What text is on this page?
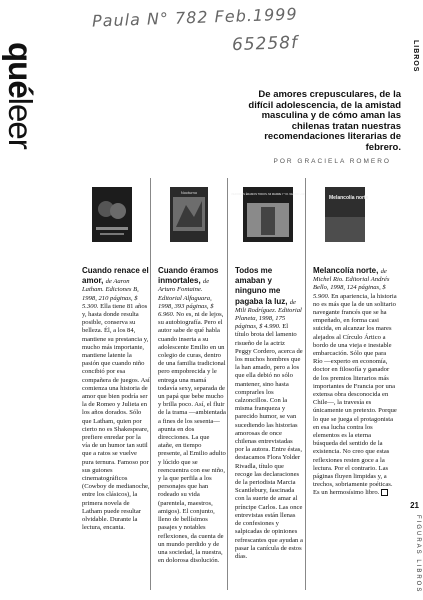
Paula N° 782 Feb.1999
65258f
quéleer
LIBROS
De amores crepusculares, de la difícil adolescencia, de la amistad masculina y de cómo aman las chilenas tratan nuestras recomendaciones literarias de febrero.
POR GRACIELA ROMERO
Nocturno	PERDIDOS ÉRAMOS TODOS. MI MADRE Y YO. NEGRO LUZ
Melancolía norte
Cuando renace el amor, de Aaron Latham. Ediciones B, 1998, 210 páginas, $ 5.300. Ella tiene 81 años y, hasta donde resulta posible, conserva su belleza. Él, a los 84, mantiene su prestancia y, mucho más importante, mantiene latente la pasión que cuando niño concibió por esa compañera de juegos. Así comienza una historia de amor que bien podría ser la de Romeo y Julieta en los años dorados. Sólo que Latham, quien por cierto no es Shakespeare, prefiere enredar por la vía de un humor tan sutil que a ratos se vuelve pura ternura. Famoso por sus guiones cinematográficos (Cowboy de medianoche, entre los clásicos), la primera novela de Latham puede resultar olvidable. Durante la lectura, encanta.
Cuando éramos inmortales, de Arturo Fontaine. Editorial Alfaguara, 1998, 393 páginas, $ 6.960. No es, ni de lejos, su autobiografía. Pero el autor sabe de qué habla cuando inserta a su adolescente Emilio en un colegio de curas, dentro de una familia tradicional pero empobrecida y le entrega una mamá todavía sexy, separada de un papá que bebe mucho y brilla poco. Así, el fluir de la trama —ambientada a fines de los sesenta— apunta en dos direcciones. La que atañe, en tiempo presente, al Emilio adulto y lúcido que se reencuentra con ese niño, y la que perfila a los personajes que han rodeado su vida (parentela, maestros, amigos). El conjunto, lleno de bellísimos pasajes y notables reflexiones, da cuenta de un mundo perdido y de una sociedad, la nuestra, en dolorosa disolución.
Todos me amaban y ninguno me pagaba la luz, de Mili Rodríguez. Editorial Planeta, 1998, 175 páginas, $ 4.990. El título brota del lamento risueño de la actriz Peggy Cordero, acerca de los muchos hombres que la han amado, pero a los que ella debió no sólo mantener, sino hasta comprarles los calzoncillos. Con la misma franqueza y parecido humor, se van sucediendo las historias amorosas de once chilenas entrevistadas por la autora. Entre éstas, destacamos Flora Yolder Rivadla, título que recoge las declaraciones de la periodista Marcia Scantlebury, fascinada con la suerte de amar al príncipe Carlos. Las once entrevistas están llenas de confesiones y salpicadas de opiniones refrescantes que ayudan a pasar la canícula de estos días.
Melancolía norte, de Michel Rio. Editorial Andrés Bello, 1998, 124 páginas, $ 5.900. En apariencia, la historia no es más que la de un solitario navegante francés que se ha empeñado, en forma casi suicida, en alcanzar los mares alejados al Círculo Ártico a bordo de una vieja e inestable embarcación. Sólo que para Río —experto en economía, doctor en filosofía y ganador de los premios literarios más importantes de Francia por una extensa obra desconocida en Chile—, la travesía es únicamente un pretexto. Porque lo que se juega el protagonista en esa lucha contra los elementos es la eterna búsqueda del sentido de la existencia. No creo que estas reflexiones resten goce a la lectura. Por el contrario. Las páginas fluyen limpidas y, a trechos, sobriamente poéticas. Es un hermosísimo libro.
21
FIGURAS LIBROS
